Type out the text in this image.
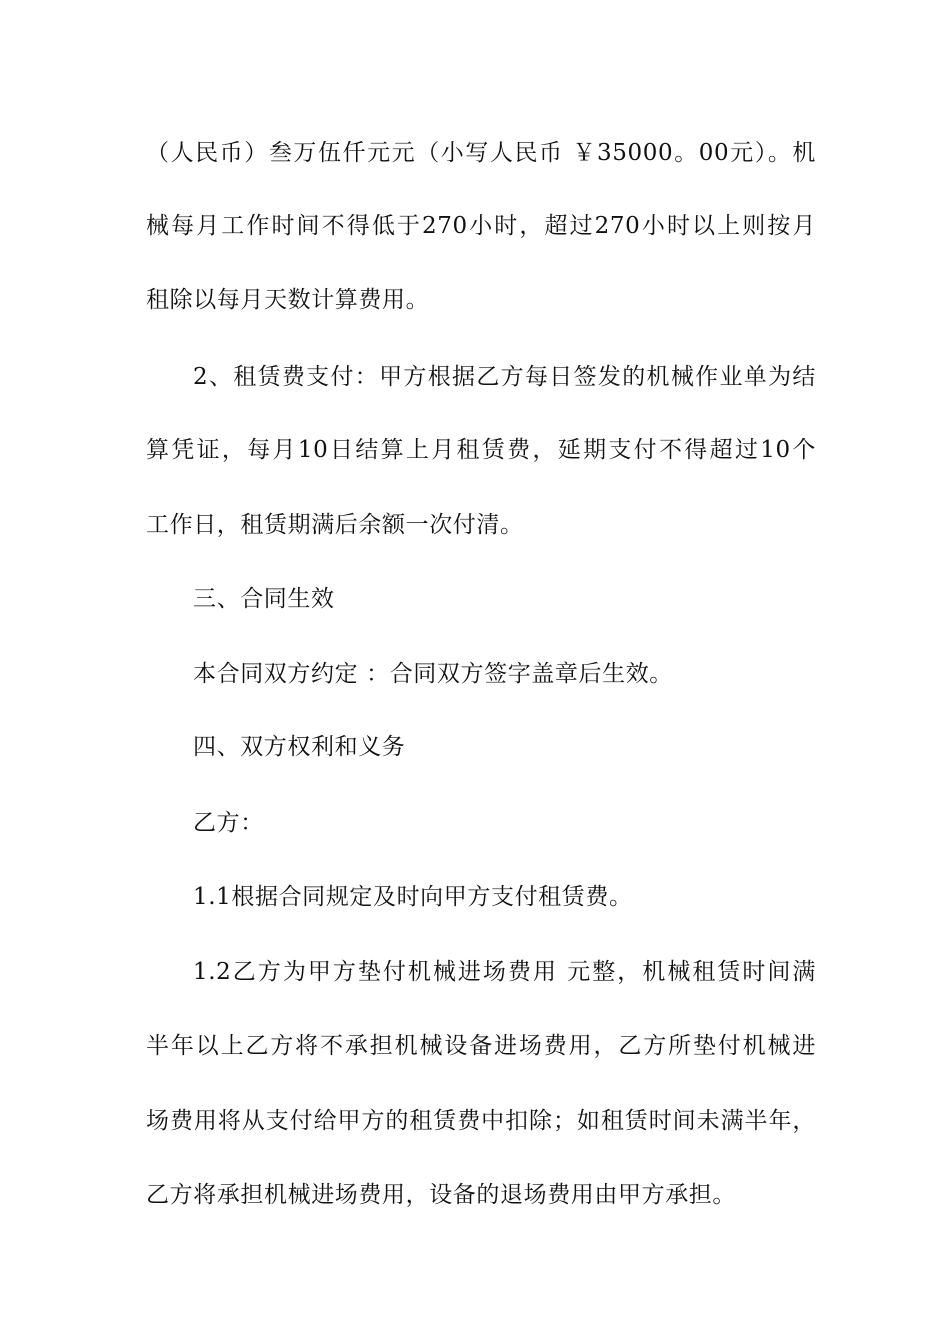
（人民币）叁万伍仟元元（小写人民币 ￥35000。00元）。机
械每月工作时间不得低于270小时，超过270小时以上则按月
租除以每月天数计算费用。
2、租赁费支付：甲方根据乙方每日签发的机械作业单为结
算凭证，每月10日结算上月租赁费，延期支付不得超过10个
工作日，租赁期满后余额一次付清。
三、合同生效
本合同双方约定 ：合同双方签字盖章后生效。
四、双方权利和义务
乙方：
1.1根据合同规定及时向甲方支付租赁费。
1.2乙方为甲方垫付机械进场费用 元整，机械租赁时间满
半年以上乙方将不承担机械设备进场费用，乙方所垫付机械进
场费用将从支付给甲方的租赁费中扣除；如租赁时间未满半年，
乙方将承担机械进场费用，设备的退场费用由甲方承担。
